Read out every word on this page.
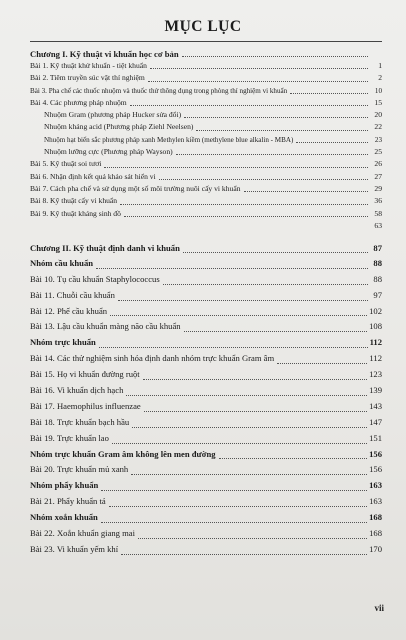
MỤC LỤC
Chương I. Kỹ thuật vi khuẩn học cơ bản
Bài 1. Kỹ thuật khử khuẩn - tiệt khuẩn	1
Bài 2. Tiêm truyền súc vật thí nghiệm	2
Bài 3. Pha chế các thuốc nhuộm và thuốc thử thông dụng trong phòng thí nghiệm vi khuẩn	10
Bài 4. Các phương pháp nhuộm	15
Nhuộm Gram (phương pháp Hucker sửa đổi)	20
Nhuộm kháng acid (Phương pháp Ziehl Neelsen)	22
Nhuộm hạt biến sắc phương pháp xanh Methylen kiềm (methylene blue alkalin - MBA)	23
Nhuộm lưỡng cực (Phương pháp Wayson)	25
Bài 5. Kỹ thuật soi tươi	26
Bài 6. Nhận định kết quả khảo sát hiển vi	27
Bài 7. Cách pha chế và sử dụng một số môi trường nuôi cấy vi khuẩn	29
Bài 8. Kỹ thuật cấy vi khuẩn	36
Bài 9. Kỹ thuật kháng sinh đồ	58
63
Chương II. Kỹ thuật định danh vi khuẩn	87
Nhóm cầu khuẩn	88
Bài 10. Tụ cầu khuẩn Staphylococcus	88
Bài 11. Chuỗi cầu khuẩn	97
Bài 12. Phế cầu khuẩn	102
Bài 13. Lậu cầu khuẩn màng não cầu khuẩn	108
Nhóm trực khuẩn	112
Bài 14. Các thử nghiệm sinh hóa định danh nhóm trực khuẩn Gram âm	112
Bài 15. Họ vi khuẩn đường ruột	123
Bài 16. Vi khuẩn dịch hạch	139
Bài 17. Haemophilus influenzae	143
Bài 18. Trực khuẩn bạch hầu	147
Bài 19. Trực khuẩn lao	151
Nhóm trực khuẩn Gram âm không lên men đường	156
Bài 20. Trực khuẩn mủ xanh	156
Nhóm phẩy khuẩn	163
Bài 21. Phẩy khuẩn tả	163
Nhóm xoắn khuẩn	168
Bài 22. Xoắn khuẩn giang mai	168
Bài 23. Vi khuẩn yếm khí	170
vii
